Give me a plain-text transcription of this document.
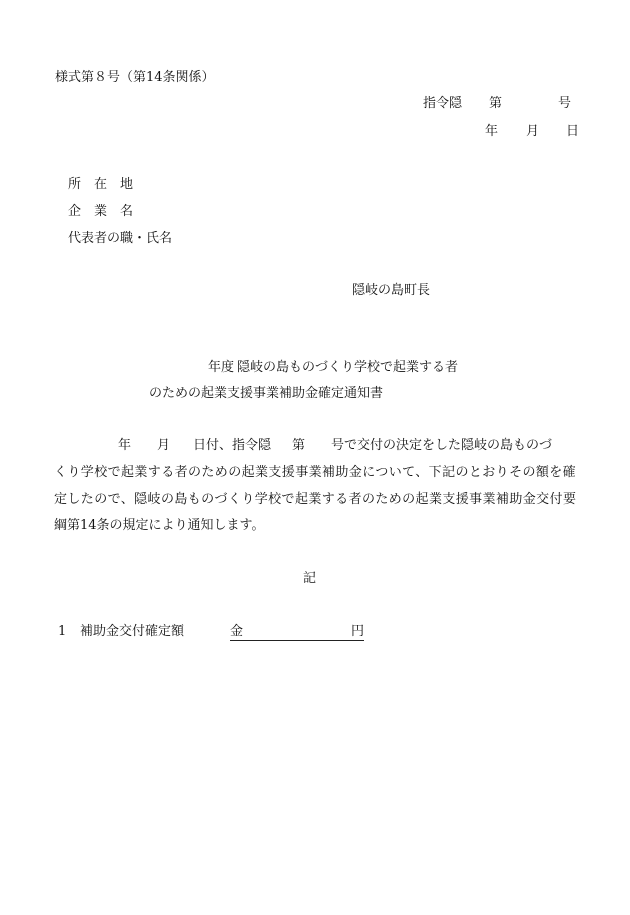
様式第８号（第14条関係）
指令隠 第	号
年 月 日
所　在　地
企　業　名
代表者の職・氏名
隠岐の島町長
年度 隠岐の島ものづくり学校で起業する者
のための起業支援事業補助金確定通知書
年 月 日付、指令隠 第 号で交付の決定をした隠岐の島ものづ
くり学校で起業する者のための起業支援事業補助金について、下記のとおりその額を確
定したので、隠岐の島ものづくり学校で起業する者のための起業支援事業補助金交付要
綱第14条の規定により通知します。
記
1 補助金交付確定額	金	円
